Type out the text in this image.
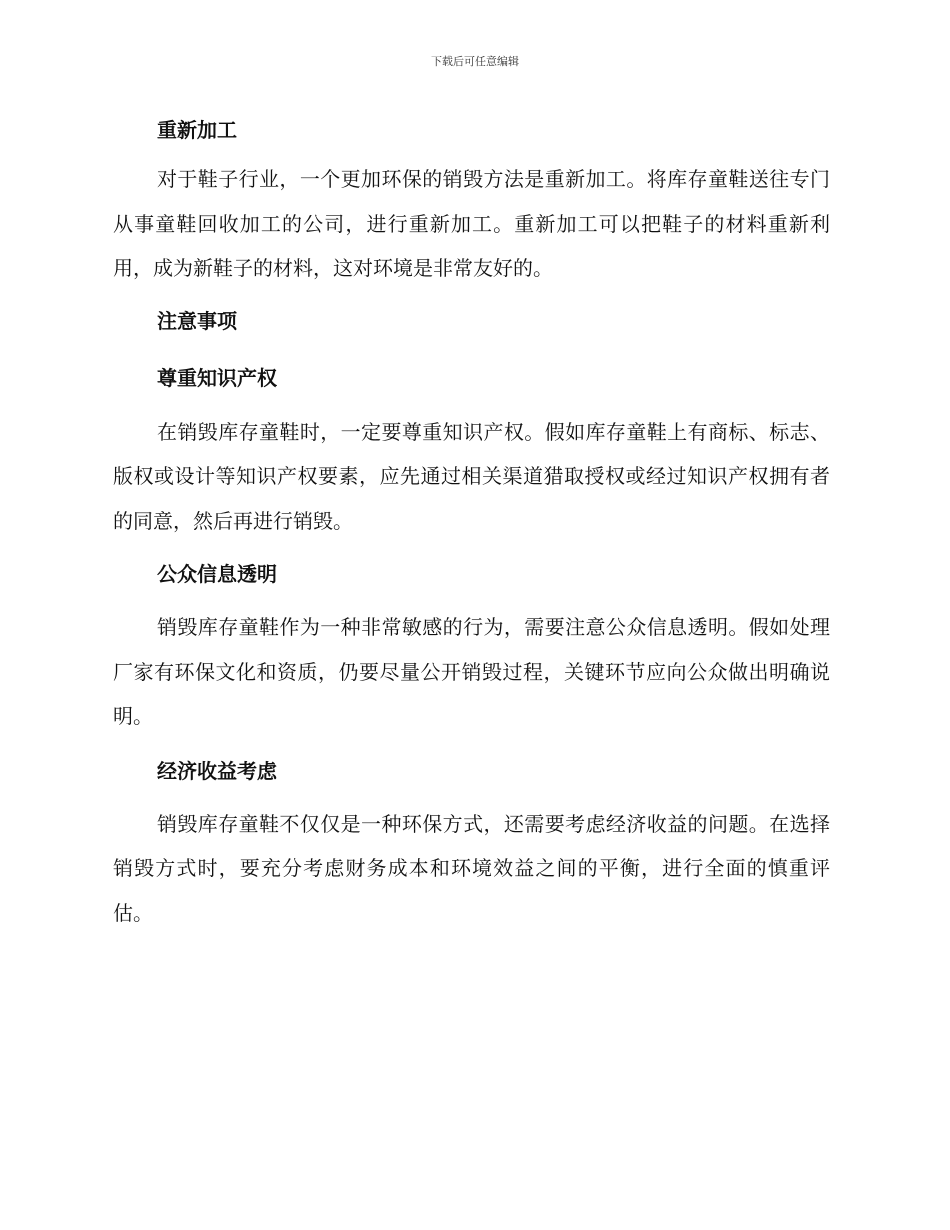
下载后可任意编辑
重新加工

对于鞋子行业，一个更加环保的销毁方法是重新加工。将库存童鞋送往专门从事童鞋回收加工的公司，进行重新加工。重新加工可以把鞋子的材料重新利用，成为新鞋子的材料，这对环境是非常友好的。

注意事项
尊重知识产权

在销毁库存童鞋时，一定要尊重知识产权。假如库存童鞋上有商标、标志、版权或设计等知识产权要素，应先通过相关渠道猎取授权或经过知识产权拥有者的同意，然后再进行销毁。

公众信息透明

销毁库存童鞋作为一种非常敏感的行为，需要注意公众信息透明。假如处理厂家有环保文化和资质，仍要尽量公开销毁过程，关键环节应向公众做出明确说明。

经济收益考虑

销毁库存童鞋不仅仅是一种环保方式，还需要考虑经济收益的问题。在选择销毁方式时，要充分考虑财务成本和环境效益之间的平衡，进行全面的慎重评估。
